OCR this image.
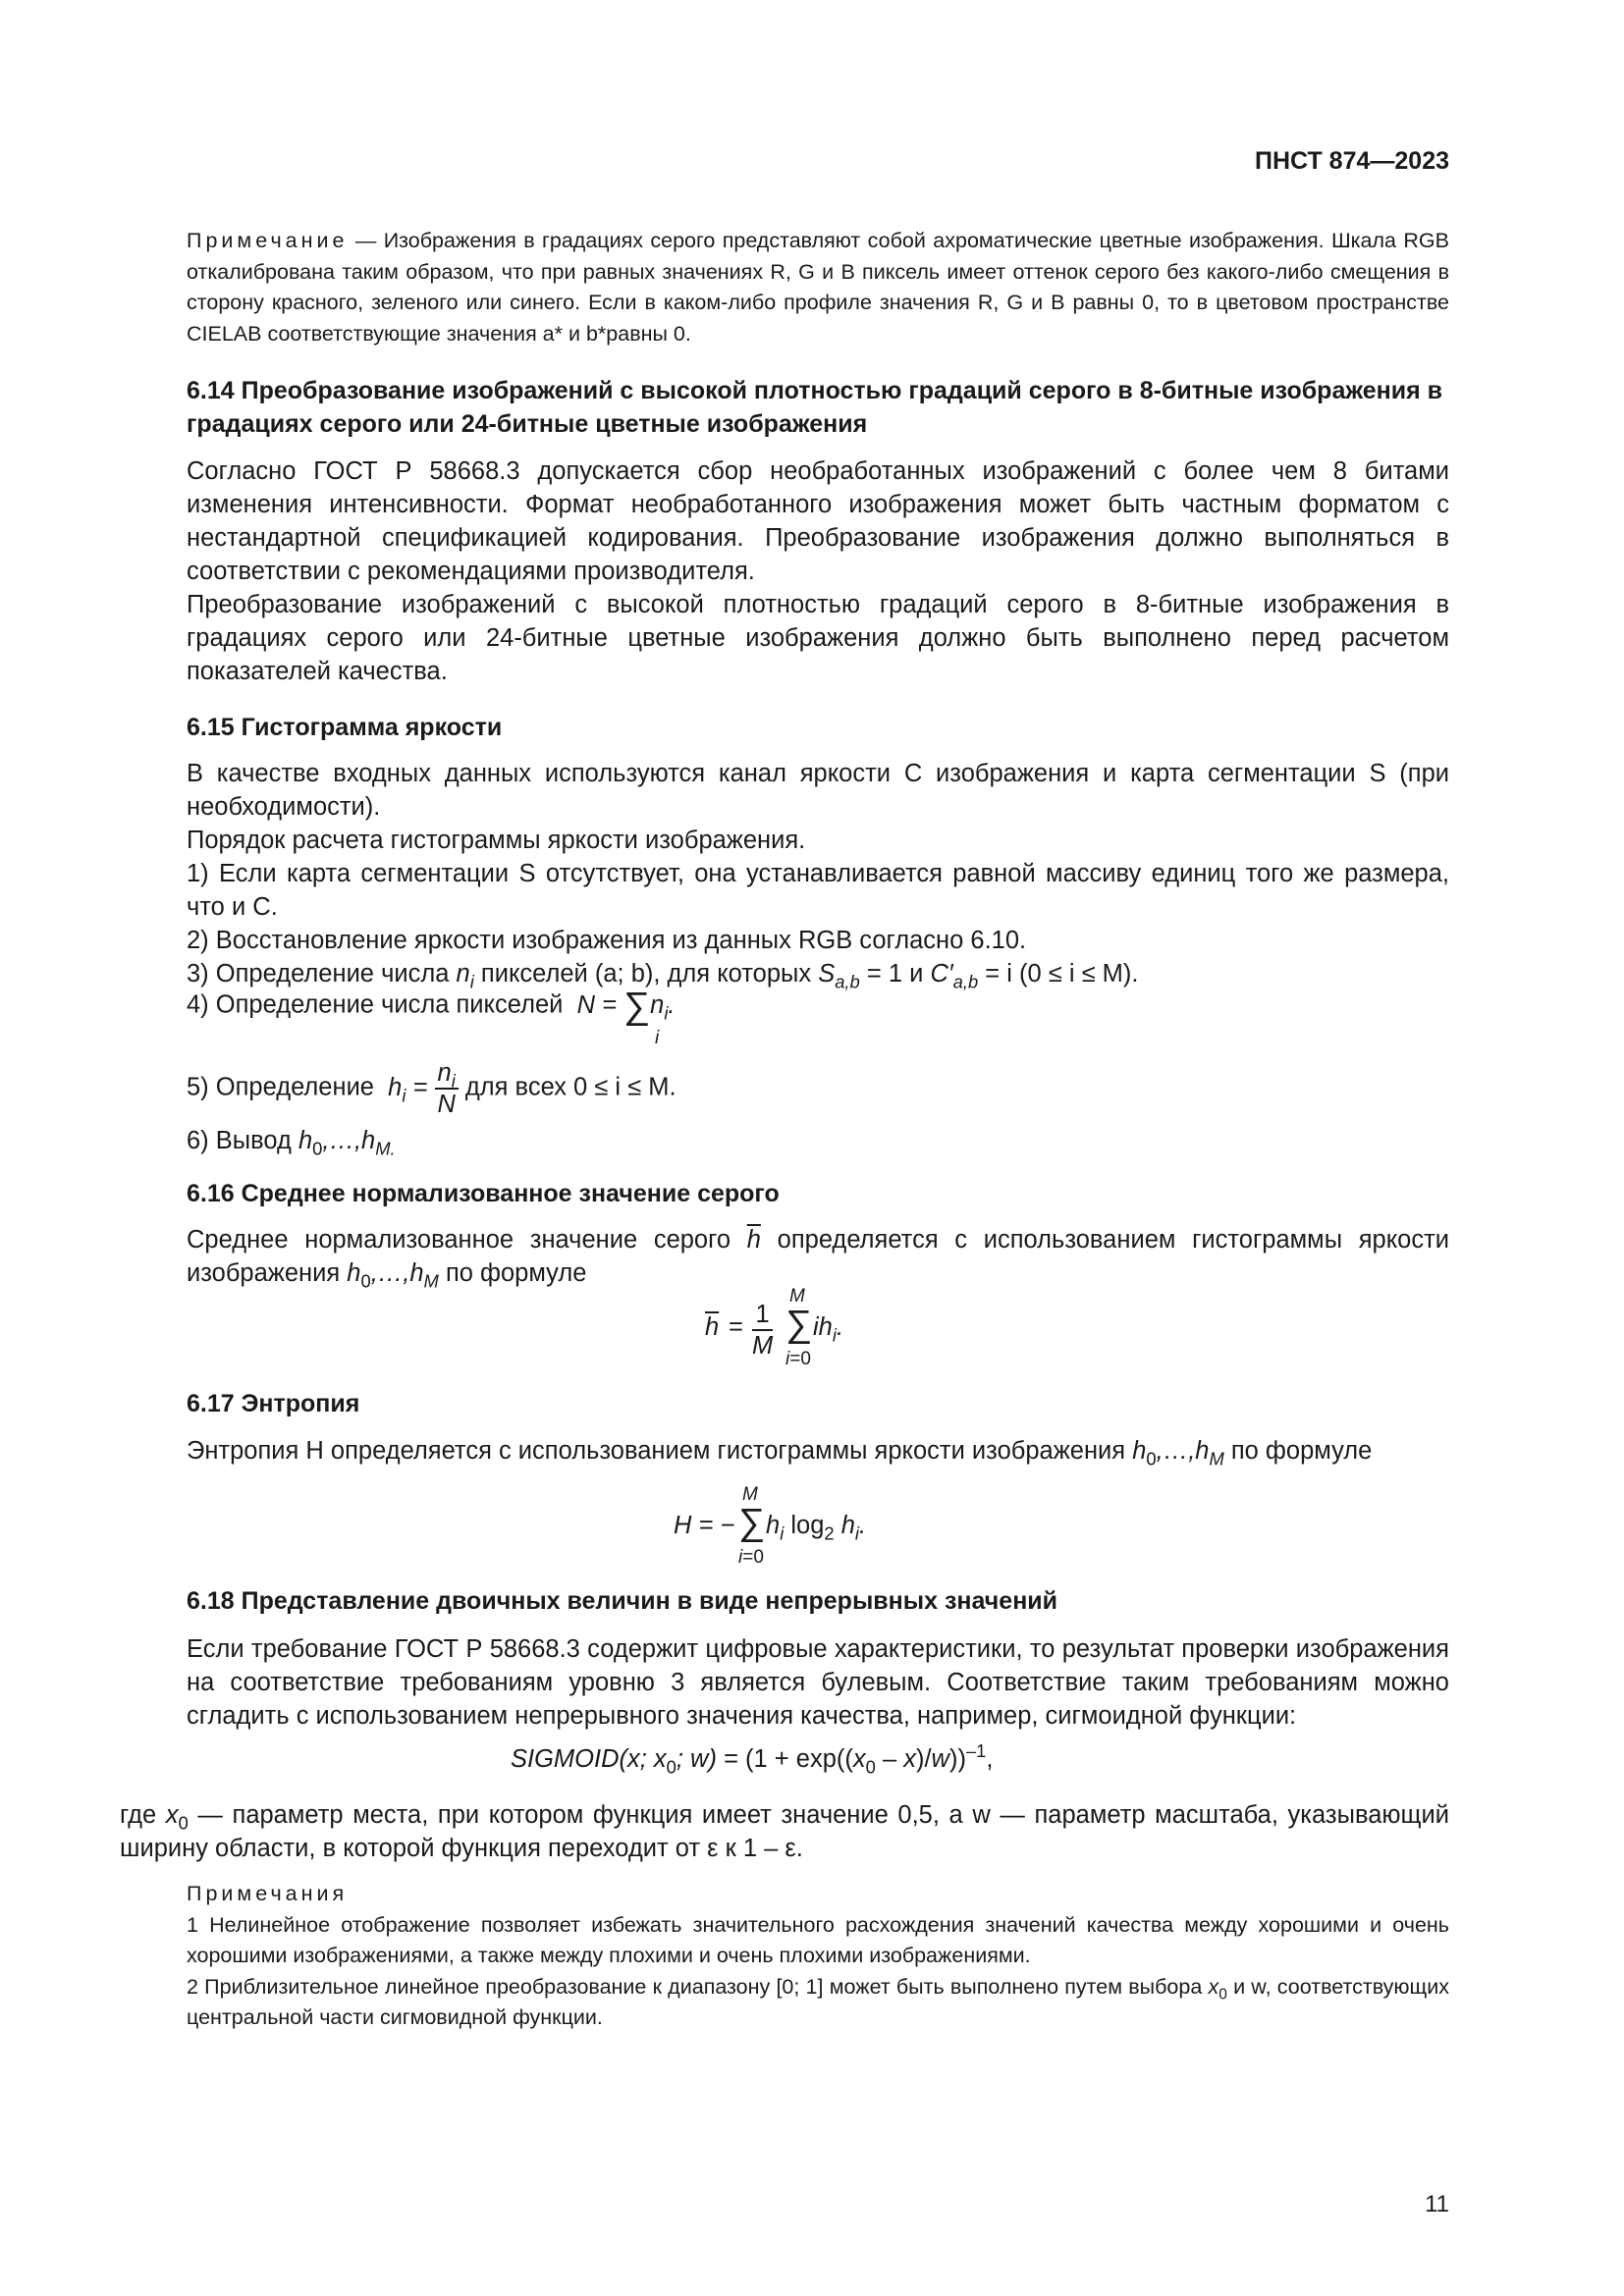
ПНСТ 874—2023
Примечание — Изображения в градациях серого представляют собой ахроматические цветные изображения. Шкала RGB откалибрована таким образом, что при равных значениях R, G и B пиксель имеет оттенок серого без какого-либо смещения в сторону красного, зеленого или синего. Если в каком-либо профиле значения R, G и B равны 0, то в цветовом пространстве CIELAB соответствующие значения a* и b*равны 0.
6.14 Преобразование изображений с высокой плотностью градаций серого в 8-битные изображения в градациях серого или 24-битные цветные изображения
Согласно ГОСТ Р 58668.3 допускается сбор необработанных изображений с более чем 8 битами изменения интенсивности. Формат необработанного изображения может быть частным форматом с нестандартной спецификацией кодирования. Преобразование изображения должно выполняться в соответствии с рекомендациями производителя.
Преобразование изображений с высокой плотностью градаций серого в 8-битные изображения в градациях серого или 24-битные цветные изображения должно быть выполнено перед расчетом показателей качества.
6.15 Гистограмма яркости
В качестве входных данных используются канал яркости C изображения и карта сегментации S (при необходимости).
Порядок расчета гистограммы яркости изображения.
1) Если карта сегментации S отсутствует, она устанавливается равной массиву единиц того же размера, что и C.
2) Восстановление яркости изображения из данных RGB согласно 6.10.
3) Определение числа $n_i$ пикселей (a; b), для которых $S_{a,b} = 1$ и $C'_{a,b} = i$ (0 ≤ i ≤ M).
4) Определение числа пикселей  N = ∑ $n_i$.
i
5) Определение  $h_i = \frac{n_i}{N}$ для всех 0 ≤ i ≤ M.
6) Вывод $h_0,\dots,h_{M.}$
6.16 Среднее нормализованное значение серого
Среднее нормализованное значение серого $\overline{h}$ определяется с использованием гистограммы яркости изображения $h_0,\dots,h_M$ по формуле
$\overline{h} = \frac{1}{M}$
M
∑
i=0
$ih_i$.
6.17 Энтропия
Энтропия H определяется с использованием гистограммы яркости изображения $h_0,\dots,h_M$ по формуле
M
H = − ∑
i=0
$h_i$ $\log_2 h_i$.
6.18 Представление двоичных величин в виде непрерывных значений
Если требование ГОСТ Р 58668.3 содержит цифровые характеристики, то результат проверки изображения на соответствие требованиям уровню 3 является булевым. Соответствие таким требованиям можно сгладить с использованием непрерывного значения качества, например, сигмоидной функции:
SIGMOID(x; $x_0$; $w) = (1 + \exp((x_0 - x)/w))^{-1}$,
где $x_0$ — параметр места, при котором функция имеет значение 0,5, а w — параметр масштаба, указывающий ширину области, в которой функция переходит от ε к 1 – ε.
Примечания
1 Нелинейное отображение позволяет избежать значительного расхождения значений качества между хорошими и очень хорошими изображениями, а также между плохими и очень плохими изображениями.
2 Приблизительное линейное преобразование к диапазону [0; 1] может быть выполнено путем выбора $x_0$ и w, соответствующих центральной части сигмовидной функции.
11
